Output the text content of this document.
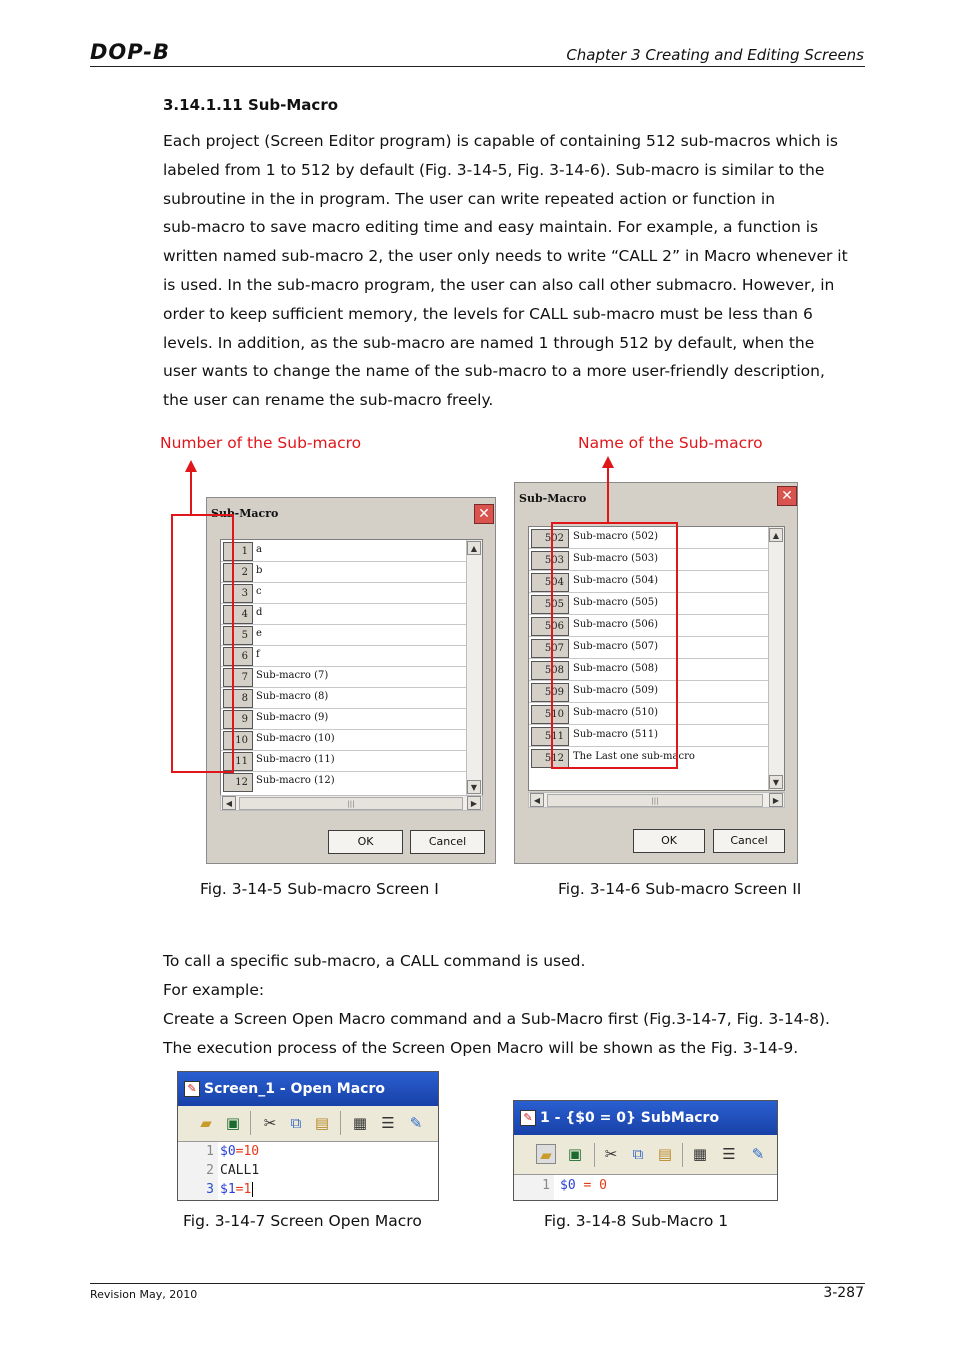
DOP-B	Chapter 3 Creating and Editing Screens
3.14.1.11 Sub-Macro
Each project (Screen Editor program) is capable of containing 512 sub-macros which is
labeled from 1 to 512 by default (Fig. 3-14-5, Fig. 3-14-6). Sub-macro is similar to the
subroutine in the in program. The user can write repeated action or function in
sub-macro to save macro editing time and easy maintain. For example, a function is
written named sub-macro 2, the user only needs to write “CALL 2” in Macro whenever it
is used. In the sub-macro program, the user can also call other submacro. However, in
order to keep sufficient memory, the levels for CALL sub-macro must be less than 6
levels. In addition, as the sub-macro are named 1 through 512 by default, when the
user wants to change the name of the sub-macro to a more user-friendly description,
the user can rename the sub-macro freely.
Number of the Sub-macro	Name of the Sub-macro
Sub-Macro	✕
1 a
2 b
3 c
4 d
5 e
6 f
7 Sub-macro (7)
8 Sub-macro (8)
9 Sub-macro (9)
10 Sub-macro (10)
11 Sub-macro (11)
12 Sub-macro (12)
▲
▼
◀	|||	▶
OK	Cancel
Fig. 3-14-5 Sub-macro Screen I
Sub-Macro	✕
502 Sub-macro (502)
503 Sub-macro (503)
504 Sub-macro (504)
505 Sub-macro (505)
506 Sub-macro (506)
507 Sub-macro (507)
508 Sub-macro (508)
509 Sub-macro (509)
510 Sub-macro (510)
511 Sub-macro (511)
512 The Last one sub-macro
▲
▼
◀	|||	▶
OK	Cancel
Fig. 3-14-6 Sub-macro Screen II
To call a specific sub-macro, a CALL command is used.
For example:
Create a Screen Open Macro command and a Sub-Macro first (Fig.3-14-7, Fig. 3-14-8).
The execution process of the Screen Open Macro will be shown as the Fig. 3-14-9.
✎ Screen_1 - Open Macro
▰ ▣ ✂ ⧉ ▤ ▦ ☰ ✎
1 $0=10
2 CALL1
3 $1=1
Fig. 3-14-7 Screen Open Macro
✎ 1 - {$0 = 0} SubMacro
▰ ▣ ✂	⧉ ▤ ▦ ☰ ✎
1 $0 = 0
Fig. 3-14-8 Sub-Macro 1
Revision May, 2010	3-287
